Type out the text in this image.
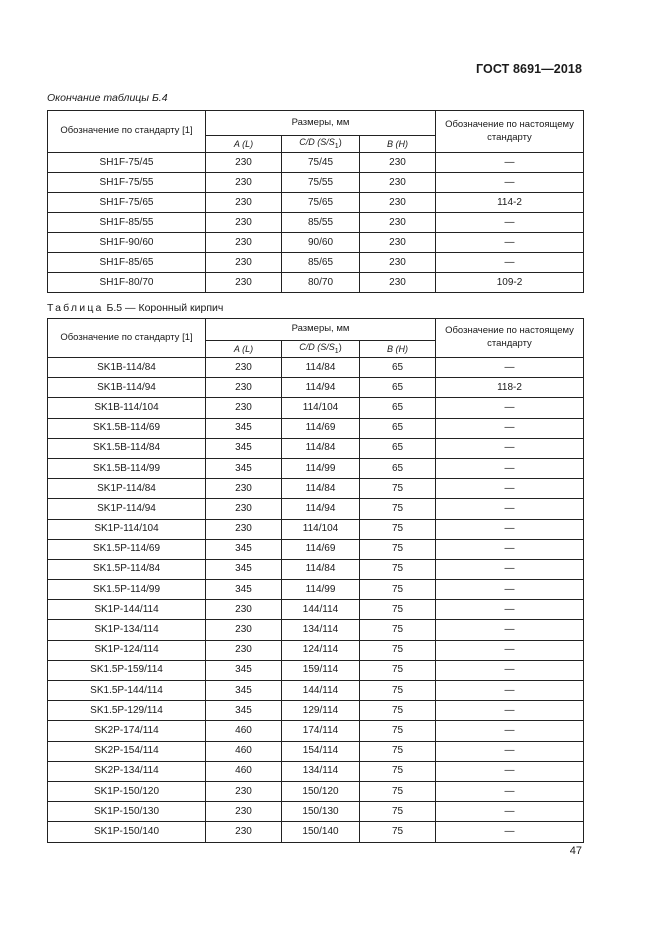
ГОСТ 8691—2018
Окончание таблицы Б.4
Обозначение по стандарту [1]	Размеры, мм			Обозначение по настоящему стандарту
	A (L)	C/D $(S/S_1)$	B (H)	
SH1F-75/45	230	75/45	230	—
SH1F-75/55	230	75/55	230	—
SH1F-75/65	230	75/65	230	114-2
SH1F-85/55	230	85/55	230	—
SH1F-90/60	230	90/60	230	—
SH1F-85/65	230	85/65	230	—
SH1F-80/70	230	80/70	230	109-2
Таблица Б.5 — Коронный кирпич
Обозначение по стандарту [1]	Размеры, мм			Обозначение по настоящему стандарту
	A (L)	C/D $(S/S_1)$	B (H)	
SK1B-114/84	230	114/84	65	—
SK1B-114/94	230	114/94	65	118-2
SK1B-114/104	230	114/104	65	—
SK1.5B-114/69	345	114/69	65	—
SK1.5B-114/84	345	114/84	65	—
SK1.5B-114/99	345	114/99	65	—
SK1P-114/84	230	114/84	75	—
SK1P-114/94	230	114/94	75	—
SK1P-114/104	230	114/104	75	—
SK1.5P-114/69	345	114/69	75	—
SK1.5P-114/84	345	114/84	75	—
SK1.5P-114/99	345	114/99	75	—
SK1P-144/114	230	144/114	75	—
SK1P-134/114	230	134/114	75	—
SK1P-124/114	230	124/114	75	—
SK1.5P-159/114	345	159/114	75	—
SK1.5P-144/114	345	144/114	75	—
SK1.5P-129/114	345	129/114	75	—
SK2P-174/114	460	174/114	75	—
SK2P-154/114	460	154/114	75	—
SK2P-134/114	460	134/114	75	—
SK1P-150/120	230	150/120	75	—
SK1P-150/130	230	150/130	75	—
SK1P-150/140	230	150/140	75	—
47
